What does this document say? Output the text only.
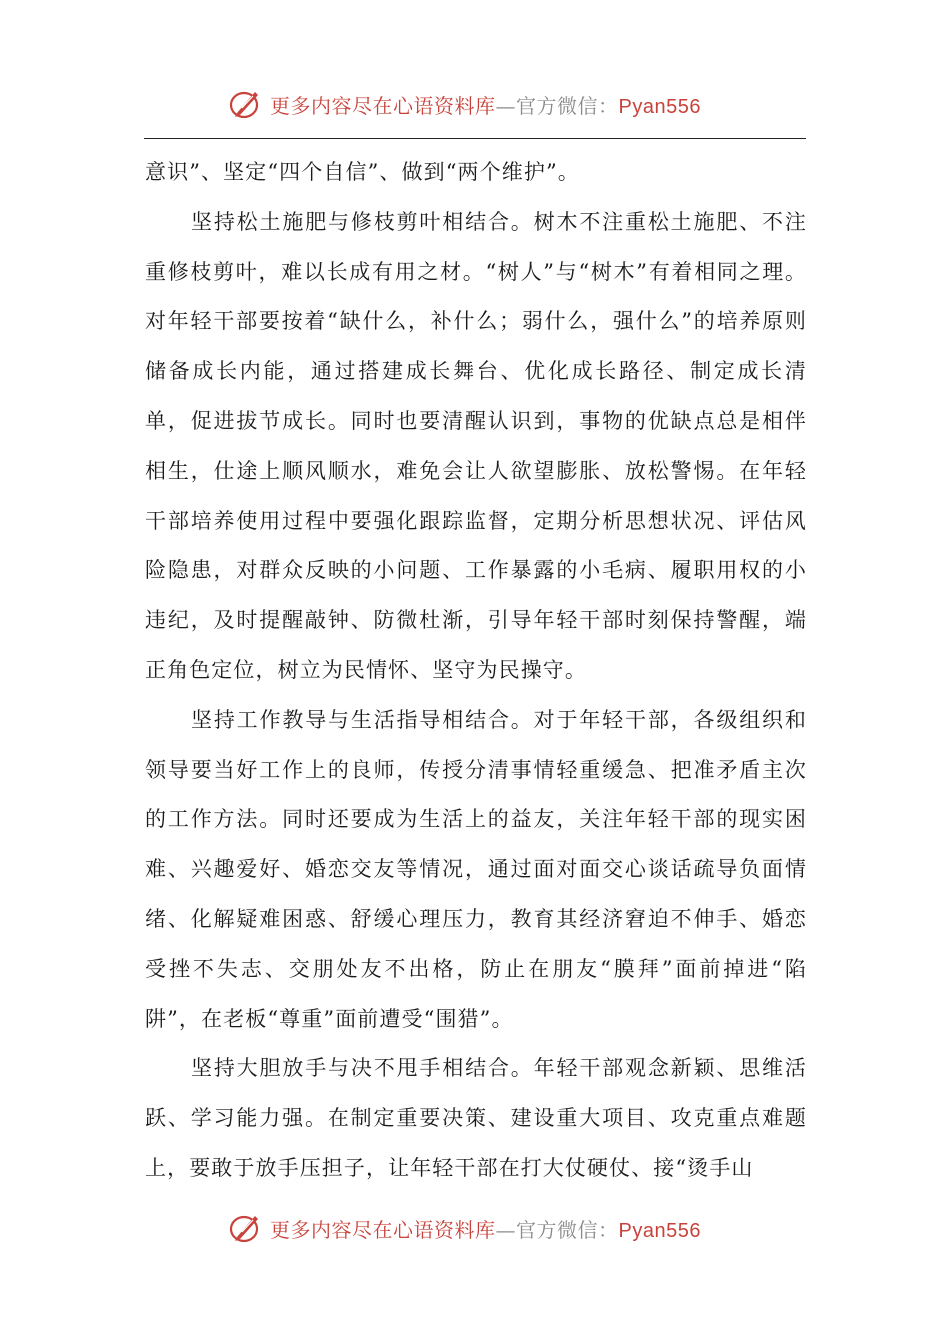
更多内容尽在心语资料库—官方微信：Pyan556

意识”、坚定“四个自信”、做到“两个维护”。

坚持松土施肥与修枝剪叶相结合。树木不注重松土施肥、不注重修枝剪叶，难以长成有用之材。“树人”与“树木”有着相同之理。对年轻干部要按着“缺什么，补什么；弱什么，强什么”的培养原则储备成长内能，通过搭建成长舞台、优化成长路径、制定成长清单，促进拔节成长。同时也要清醒认识到，事物的优缺点总是相伴相生，仕途上顺风顺水，难免会让人欲望膨胀、放松警惕。在年轻干部培养使用过程中要强化跟踪监督，定期分析思想状况、评估风险隐患，对群众反映的小问题、工作暴露的小毛病、履职用权的小违纪，及时提醒敲钟、防微杜渐，引导年轻干部时刻保持警醒，端正角色定位，树立为民情怀、坚守为民操守。

坚持工作教导与生活指导相结合。对于年轻干部，各级组织和领导要当好工作上的良师，传授分清事情轻重缓急、把准矛盾主次的工作方法。同时还要成为生活上的益友，关注年轻干部的现实困难、兴趣爱好、婚恋交友等情况，通过面对面交心谈话疏导负面情绪、化解疑难困惑、舒缓心理压力，教育其经济窘迫不伸手、婚恋受挫不失志、交朋处友不出格，防止在朋友“膜拜”面前掉进“陷阱”，在老板“尊重”面前遭受“围猎”。

坚持大胆放手与决不甩手相结合。年轻干部观念新颖、思维活跃、学习能力强。在制定重要决策、建设重大项目、攻克重点难题上，要敢于放手压担子，让年轻干部在打大仗硬仗、接“烫手山

更多内容尽在心语资料库—官方微信：Pyan556
